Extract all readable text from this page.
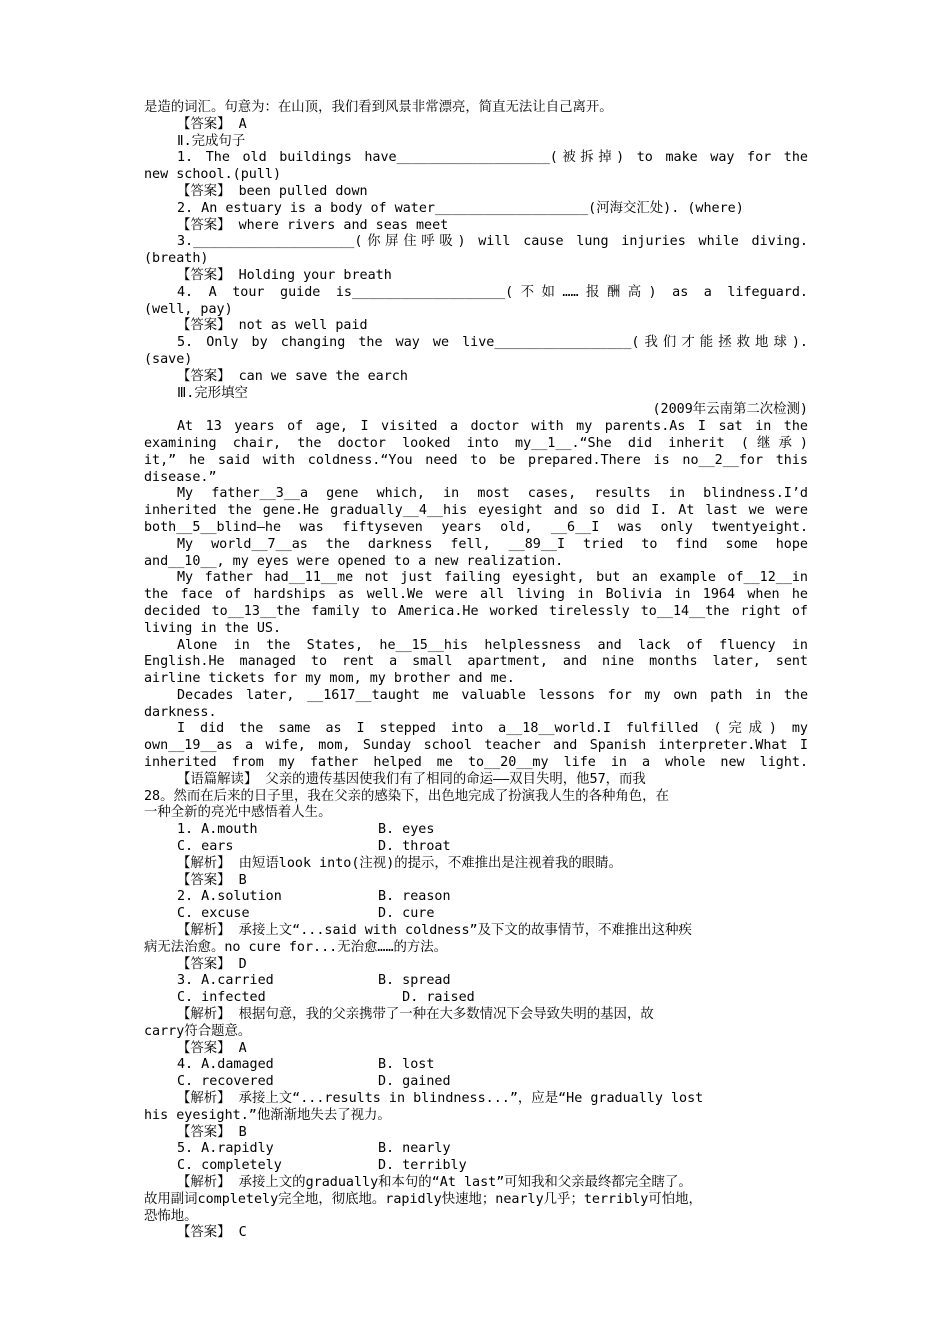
是造的词汇。句意为：在山顶，我们看到风景非常漂亮，简直无法让自己离开。

【答案】 A

Ⅱ.完成句子

1. The old buildings have___________________(被拆掉) to make way for the

new school.(pull)

【答案】 been pulled down

2. An estuary is a body of water___________________(河海交汇处). (where)

【答案】 where rivers and seas meet

3.____________________(你屏住呼吸) will cause lung injuries while diving.

(breath)

【答案】 Holding your breath

4. A tour guide is___________________(不如……报酬高) as a lifeguard.

(well, pay)

【答案】 not as well paid

5. Only by changing the way we live_________________(我们才能拯救地球).

(save)

【答案】 can we save the earch

Ⅲ.完形填空

(2009年云南第二次检测)

At 13 years of age, I visited a doctor with my parents.As I sat in the

examining chair, the doctor looked into my__1__.“She did inherit (继承)

it,” he said with coldness.“You need to be prepared.There is no__2__for this

disease.”

My father__3__a gene which, in most cases, results in blindness.I’d

inherited the gene.He gradually__4__his eyesight and so did I. At last we were

both__5__blind—he was fiftyseven years old, __6__I was only twentyeight.

My world__7__as the darkness fell, __89__I tried to find some hope

and__10__, my eyes were opened to a new realization.

My father had__11__me not just failing eyesight, but an example of__12__in

the face of hardships as well.We were all living in Bolivia in 1964 when he

decided to__13__the family to America.He worked tirelessly to__14__the right of

living in the US.

Alone in the States, he__15__his helplessness and lack of fluency in

English.He managed to rent a small apartment, and nine months later, sent

airline tickets for my mom, my brother and me.

Decades later, __1617__taught me valuable lessons for my own path in the

darkness.

I did the same as I stepped into a__18__world.I fulfilled (完成) my

own__19__as a wife, mom, Sunday school teacher and Spanish interpreter.What I

inherited from my father helped me to__20__my life in a whole new light.

【语篇解读】 父亲的遗传基因使我们有了相同的命运——双目失明，他57，而我

28。然而在后来的日子里，我在父亲的感染下，出色地完成了扮演我人生的各种角色，在

一种全新的亮光中感悟着人生。

1. A.mouth	B. eyes
C. ears	D. throat

【解析】 由短语look into(注视)的提示，不难推出是注视着我的眼睛。

【答案】 B

2. A.solution	B. reason
C. excuse	D. cure

【解析】 承接上文“...said with coldness”及下文的故事情节，不难推出这种疾

病无法治愈。no cure for...无治愈……的方法。

【答案】 D

3. A.carried	B. spread
C. infected	D. raised

【解析】 根据句意，我的父亲携带了一种在大多数情况下会导致失明的基因，故

carry符合题意。

【答案】 A

4. A.damaged	B. lost
C. recovered	D. gained

【解析】 承接上文“...results in blindness...”，应是“He gradually lost

his eyesight.”他渐渐地失去了视力。

【答案】 B

5. A.rapidly	B. nearly
C. completely	D. terribly

【解析】 承接上文的gradually和本句的“At last”可知我和父亲最终都完全瞎了。

故用副词completely完全地，彻底地。rapidly快速地；nearly几乎；terribly可怕地，

恐怖地。

【答案】 C
